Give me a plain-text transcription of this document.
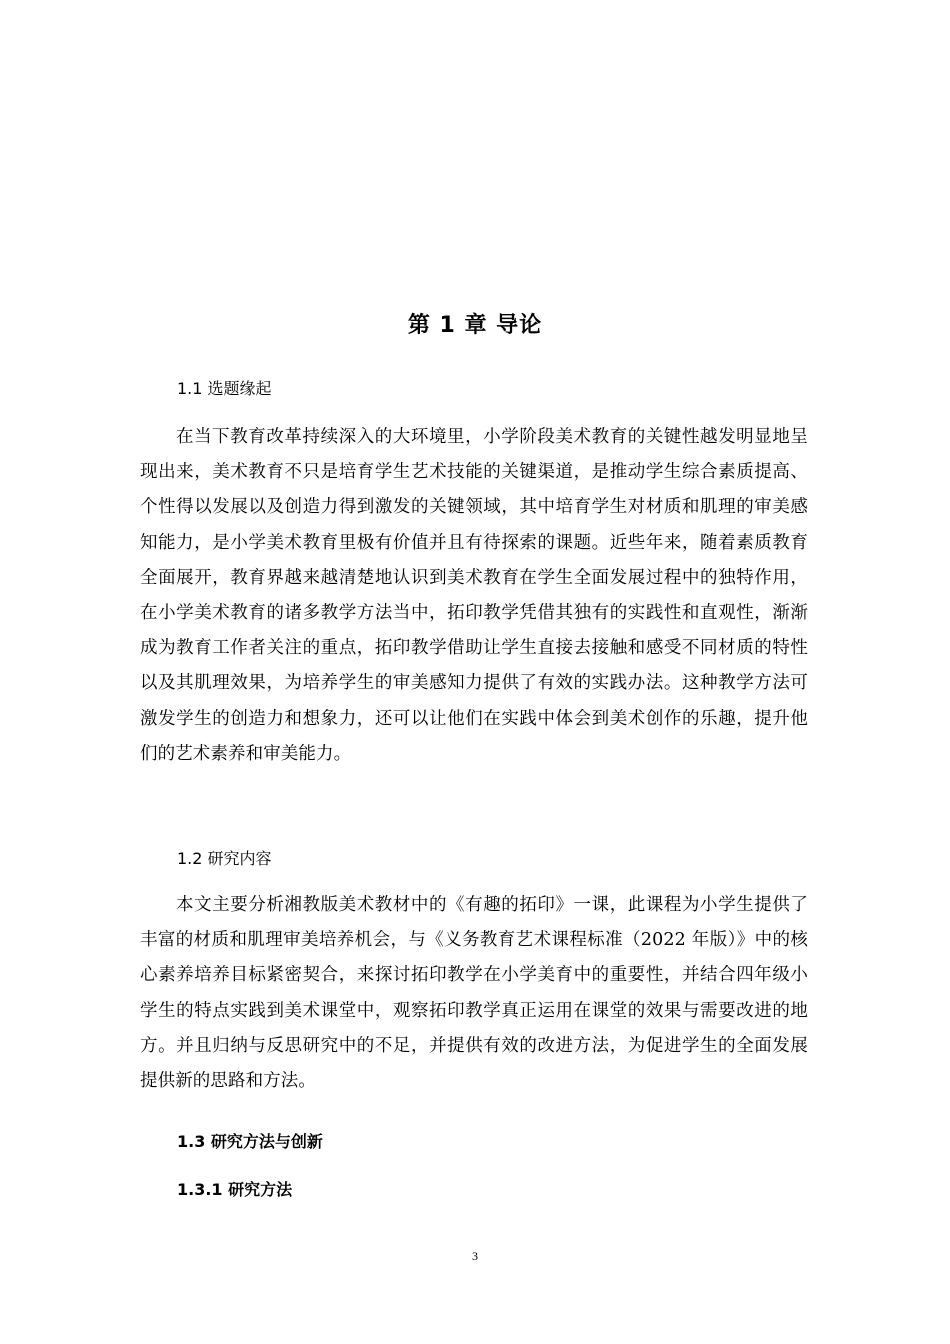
第 1 章 导论
1.1 选题缘起

在当下教育改革持续深入的大环境里，小学阶段美术教育的关键性越发明显地呈现出来，美术教育不只是培育学生艺术技能的关键渠道，是推动学生综合素质提高、个性得以发展以及创造力得到激发的关键领域，其中培育学生对材质和肌理的审美感知能力，是小学美术教育里极有价值并且有待探索的课题。近些年来，随着素质教育全面展开，教育界越来越清楚地认识到美术教育在学生全面发展过程中的独特作用，在小学美术教育的诸多教学方法当中，拓印教学凭借其独有的实践性和直观性，渐渐成为教育工作者关注的重点，拓印教学借助让学生直接去接触和感受不同材质的特性以及其肌理效果，为培养学生的审美感知力提供了有效的实践办法。这种教学方法可激发学生的创造力和想象力，还可以让他们在实践中体会到美术创作的乐趣，提升他们的艺术素养和审美能力。

1.2 研究内容

本文主要分析湘教版美术教材中的《有趣的拓印》一课，此课程为小学生提供了丰富的材质和肌理审美培养机会，与《义务教育艺术课程标准（2022 年版）》中的核心素养培养目标紧密契合，来探讨拓印教学在小学美育中的重要性，并结合四年级小学生的特点实践到美术课堂中，观察拓印教学真正运用在课堂的效果与需要改进的地方。并且归纳与反思研究中的不足，并提供有效的改进方法，为促进学生的全面发展提供新的思路和方法。

1.3 研究方法与创新
1.3.1 研究方法
3
